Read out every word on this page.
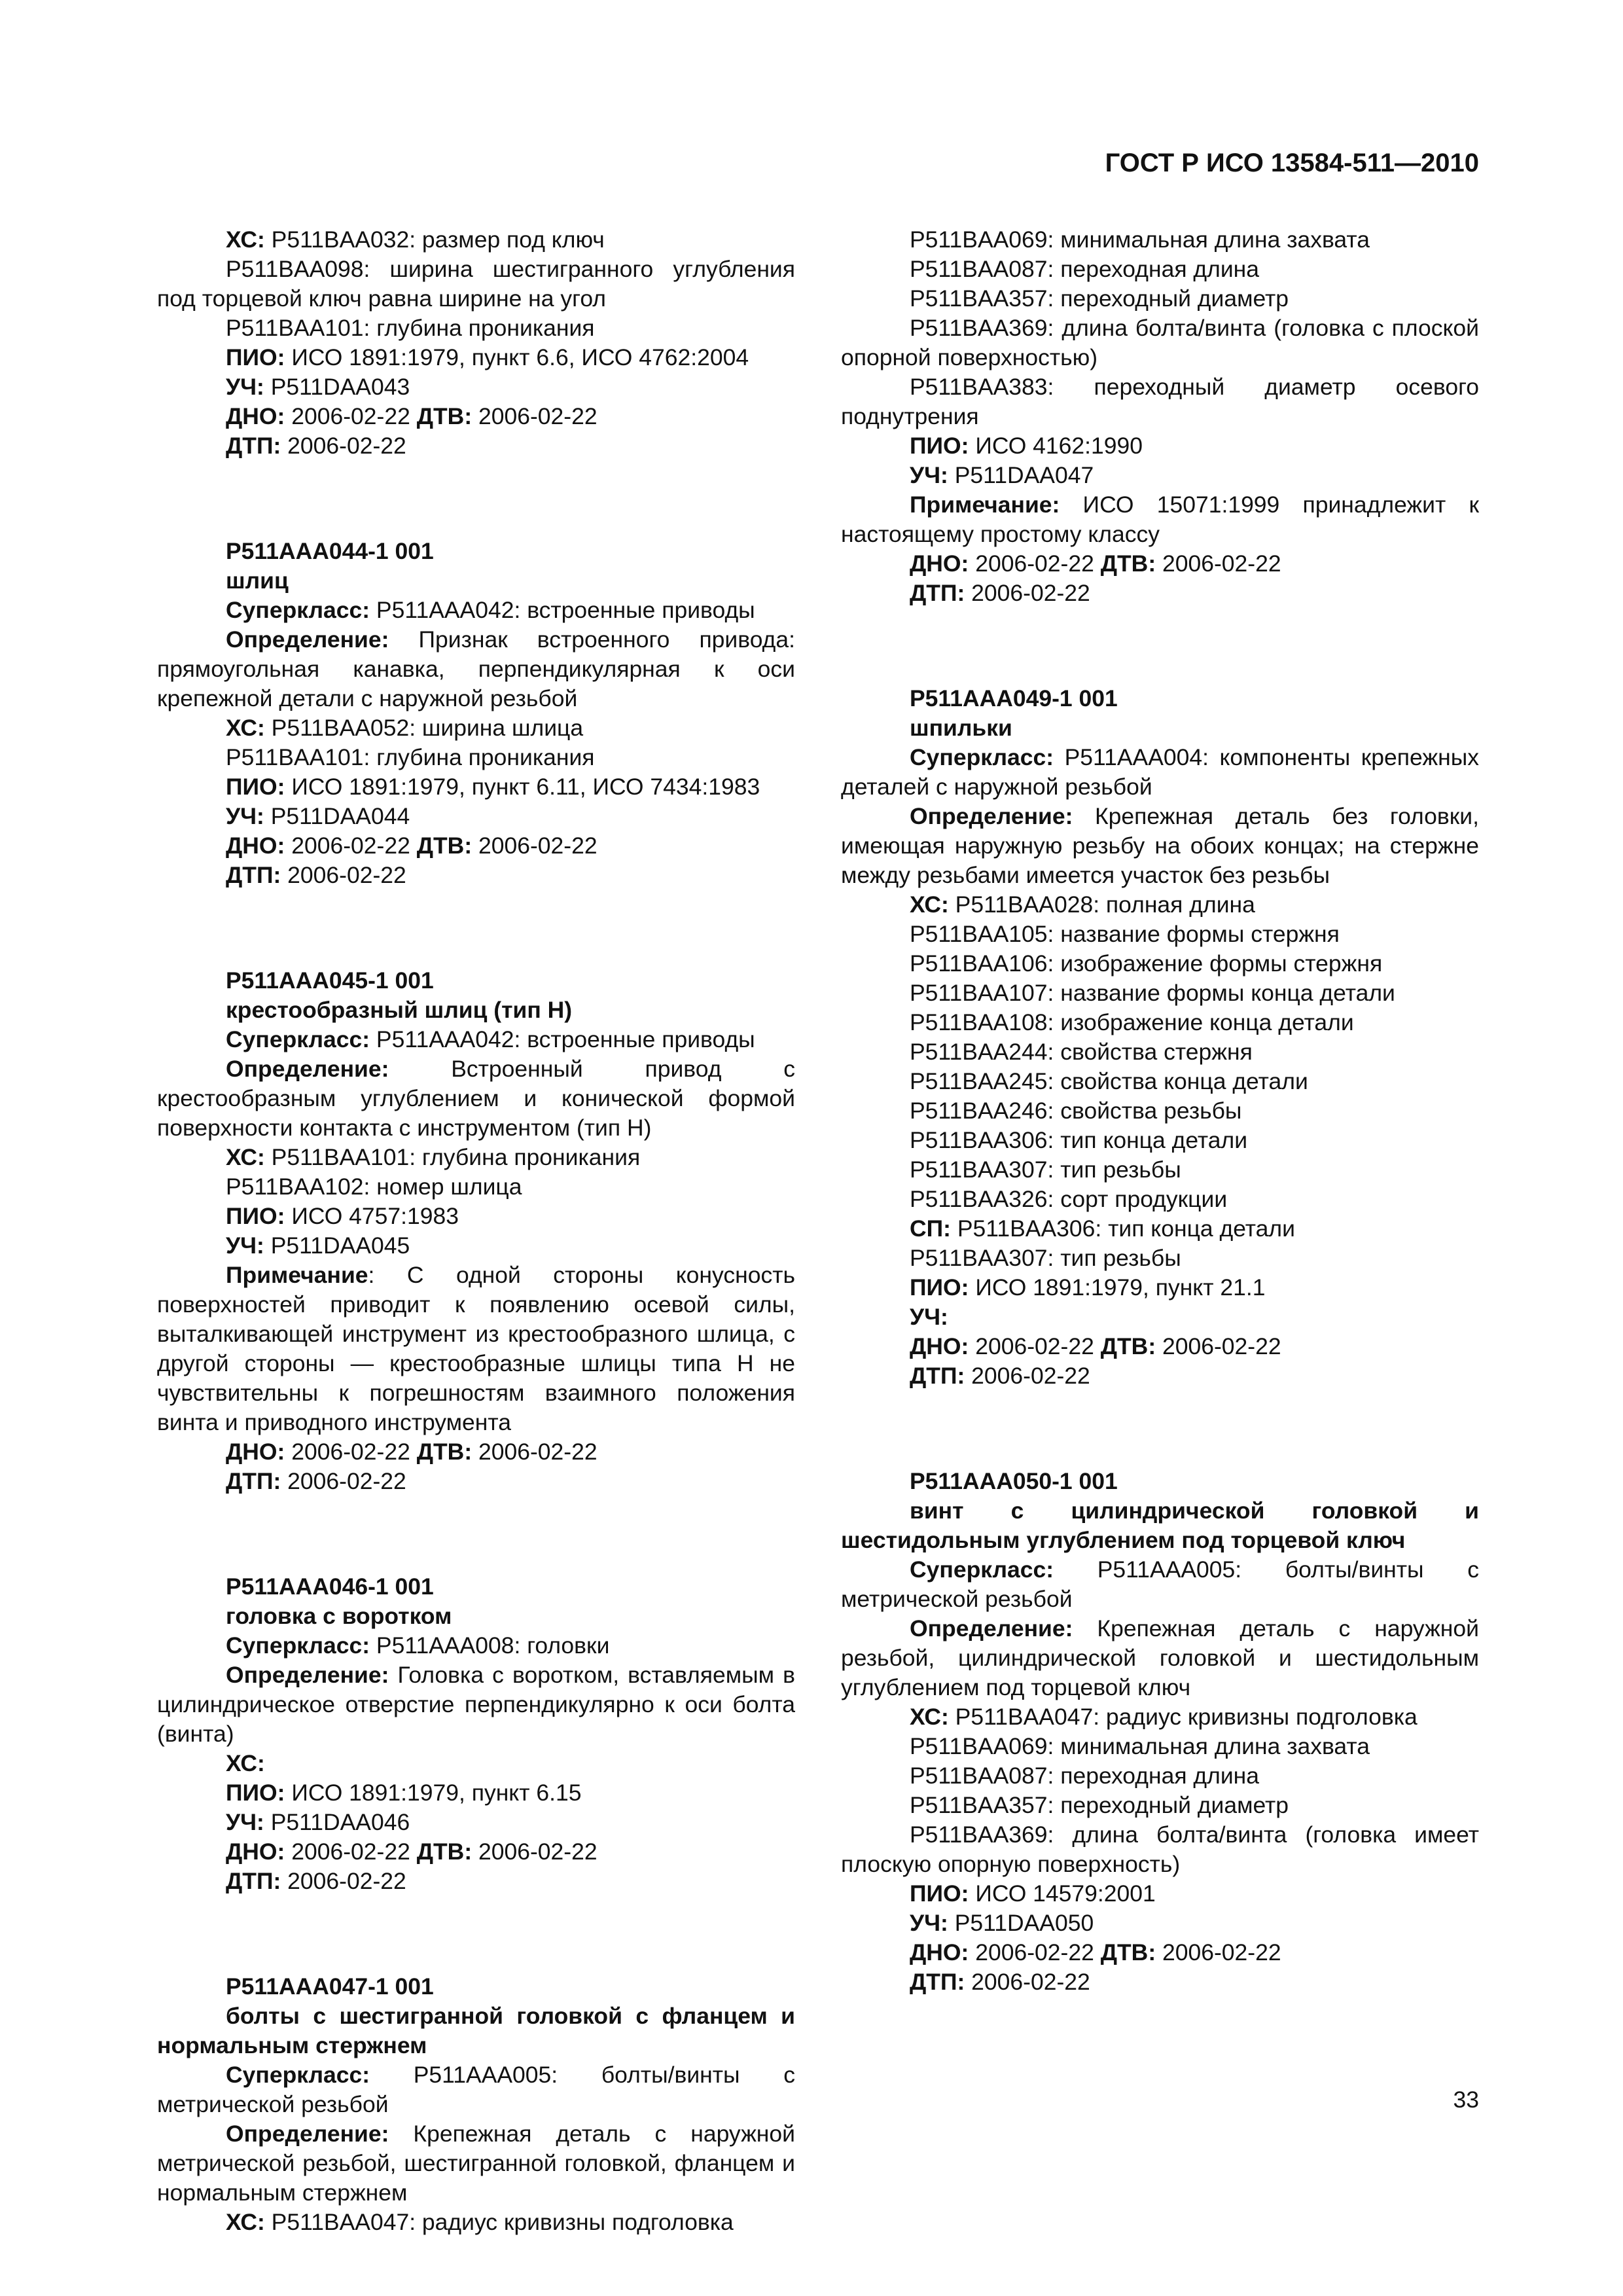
ГОСТ Р ИСО 13584-511—2010

ХС: P511BAA032: размер под ключ

P511BAA098: ширина шестигранного углубления под торцевой ключ равна ширине на угол

P511BAA101: глубина проникания

ПИО: ИСО 1891:1979, пункт 6.6, ИСО 4762:2004

УЧ: P511DAA043

ДНО: 2006-02-22 ДТВ: 2006-02-22

ДТП: 2006-02-22

P511AAA044-1 001

шлиц

Суперкласс: P511AAA042: встроенные приводы

Определение: Признак встроенного привода: прямоугольная канавка, перпендикулярная к оси крепежной детали с наружной резьбой

ХС: P511BAA052: ширина шлица

P511BAA101: глубина проникания

ПИО: ИСО 1891:1979, пункт 6.11, ИСО 7434:1983

УЧ: P511DAA044

ДНО: 2006-02-22 ДТВ: 2006-02-22

ДТП: 2006-02-22

P511AAA045-1 001

крестообразный шлиц (тип H)

Суперкласс: P511AAA042: встроенные приводы

Определение: Встроенный привод с крестообразным углублением и конической формой поверхности контакта с инструментом (тип H)

ХС: P511BAA101: глубина проникания

P511BAA102: номер шлица

ПИО: ИСО 4757:1983

УЧ: P511DAA045

Примечание: С одной стороны конусность поверхностей приводит к появлению осевой силы, выталкивающей инструмент из крестообразного шлица, с другой стороны — крестообразные шлицы типа H не чувствительны к погрешностям взаимного положения винта и приводного инструмента

ДНО: 2006-02-22 ДТВ: 2006-02-22

ДТП: 2006-02-22

P511AAA046-1 001

головка с воротком

Суперкласс: P511AAA008: головки

Определение: Головка с воротком, вставляемым в цилиндрическое отверстие перпендикулярно к оси болта (винта)

ХС:

ПИО: ИСО 1891:1979, пункт 6.15

УЧ: P511DAA046

ДНО: 2006-02-22 ДТВ: 2006-02-22

ДТП: 2006-02-22

P511AAA047-1 001

болты с шестигранной головкой с фланцем и нормальным стержнем

Суперкласс: P511AAA005: болты/винты с метрической резьбой

Определение: Крепежная деталь с наружной метрической резьбой, шестигранной головкой, фланцем и нормальным стержнем

ХС: P511BAA047: радиус кривизны подголовка

P511BAA069: минимальная длина захвата

P511BAA087: переходная длина

P511BAA357: переходный диаметр

P511BAA369: длина болта/винта (головка с плоской опорной поверхностью)

P511BAA383: переходный диаметр осевого поднутрения

ПИО: ИСО 4162:1990

УЧ: P511DAA047

Примечание: ИСО 15071:1999 принадлежит к настоящему простому классу

ДНО: 2006-02-22 ДТВ: 2006-02-22

ДТП: 2006-02-22

P511AAA049-1 001

шпильки

Суперкласс: P511AAA004: компоненты крепежных деталей с наружной резьбой

Определение: Крепежная деталь без головки, имеющая наружную резьбу на обоих концах; на стержне между резьбами имеется участок без резьбы

ХС: P511BAA028: полная длина

P511BAA105: название формы стержня

P511BAA106: изображение формы стержня

P511BAA107: название формы конца детали

P511BAA108: изображение конца детали

P511BAA244: свойства стержня

P511BAA245: свойства конца детали

P511BAA246: свойства резьбы

P511BAA306: тип конца детали

P511BAA307: тип резьбы

P511BAA326: сорт продукции

СП: P511BAA306: тип конца детали

P511BAA307: тип резьбы

ПИО: ИСО 1891:1979, пункт 21.1

УЧ:

ДНО: 2006-02-22 ДТВ: 2006-02-22

ДТП: 2006-02-22

P511AAA050-1 001

винт с цилиндрической головкой и шестидольным углублением под торцевой ключ

Суперкласс: P511AAA005: болты/винты с метрической резьбой

Определение: Крепежная деталь с наружной резьбой, цилиндрической головкой и шестидольным углублением под торцевой ключ

ХС: P511BAA047: радиус кривизны подголовка

P511BAA069: минимальная длина захвата

P511BAA087: переходная длина

P511BAA357: переходный диаметр

P511BAA369: длина болта/винта (головка имеет плоскую опорную поверхность)

ПИО: ИСО 14579:2001

УЧ: P511DAA050

ДНО: 2006-02-22 ДТВ: 2006-02-22

ДТП: 2006-02-22

33
